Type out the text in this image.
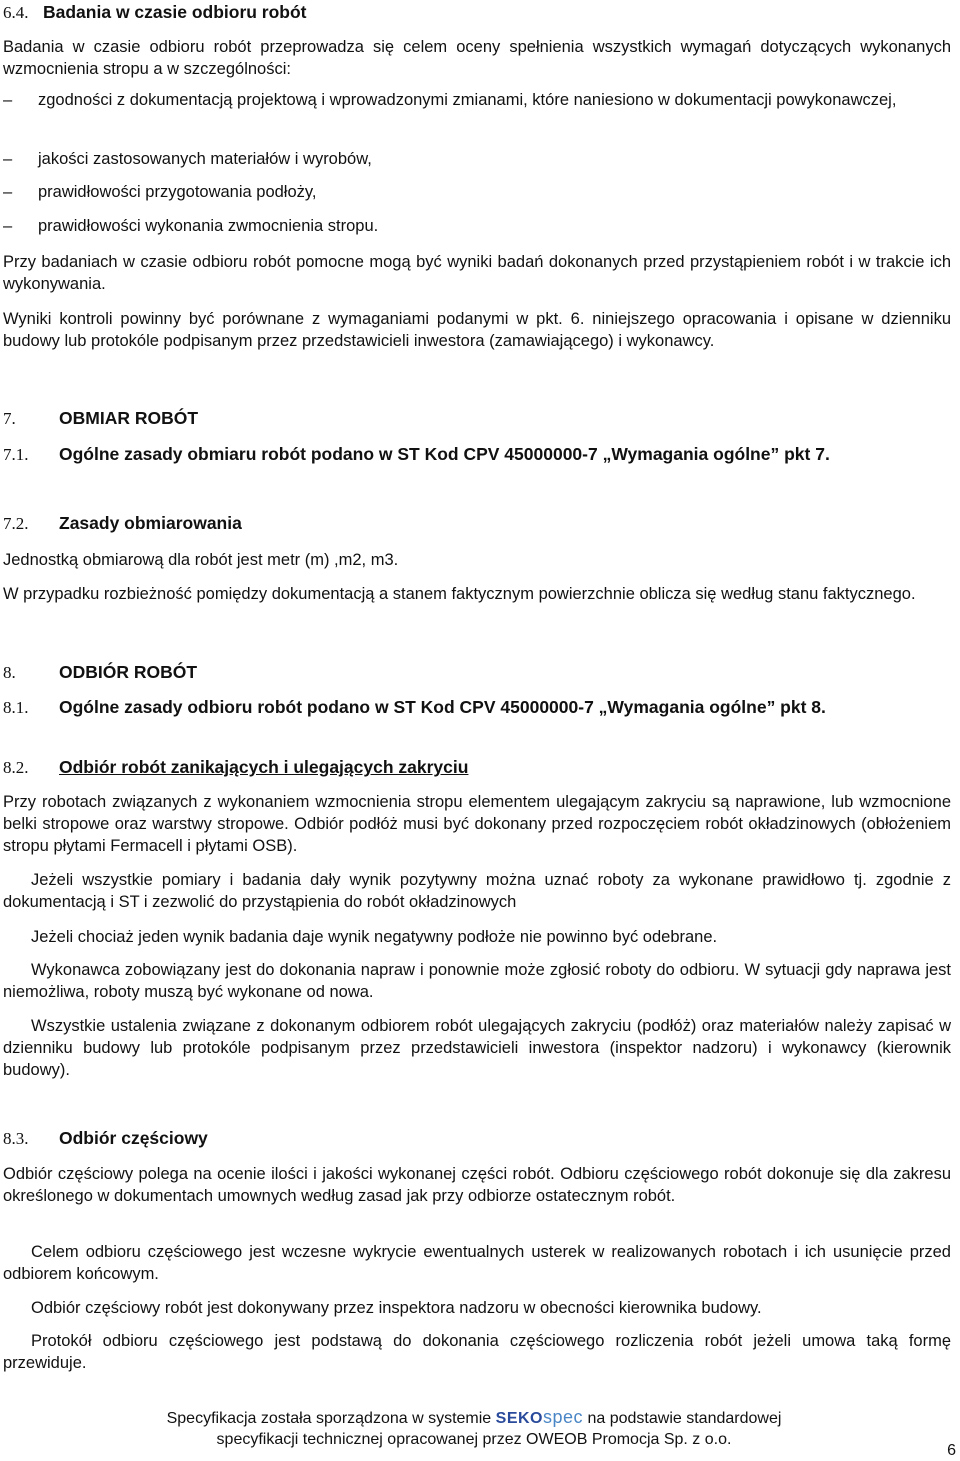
6.4. Badania w czasie odbioru robót

Badania w czasie odbioru robót przeprowadza się celem oceny spełnienia wszystkich wymagań dotyczących wykonanych wzmocnienia stropu a w szczególności:

– zgodności z dokumentacją projektową i wprowadzonymi zmianami, które naniesiono w dokumentacji powykonawczej,
– jakości zastosowanych materiałów i wyrobów,
– prawidłowości przygotowania podłoży,
– prawidłowości wykonania zwmocnienia stropu.

Przy badaniach w czasie odbioru robót pomocne mogą być wyniki badań dokonanych przed przystąpieniem robót i w trakcie ich wykonywania.

Wyniki kontroli powinny być porównane z wymaganiami podanymi w pkt. 6. niniejszego opracowania i opisane w dzienniku budowy lub protokóle podpisanym przez przedstawicieli inwestora (zamawiającego) i wykonawcy.

7. OBMIAR ROBÓT
7.1. Ogólne zasady obmiaru robót podano w ST Kod CPV 45000000-7 „Wymagania ogólne” pkt 7.
7.2. Zasady obmiarowania

Jednostką obmiarową dla robót jest metr (m) ,m2, m3.

W przypadku rozbieżność pomiędzy dokumentacją a stanem faktycznym powierzchnie oblicza się według stanu faktycznego.

8. ODBIÓR ROBÓT
8.1. Ogólne zasady odbioru robót podano w ST Kod CPV 45000000-7 „Wymagania ogólne” pkt 8.
8.2. Odbiór robót zanikających i ulegających zakryciu

Przy robotach związanych z wykonaniem wzmocnienia stropu elementem ulegającym zakryciu są naprawione, lub wzmocnione belki stropowe oraz warstwy stropowe. Odbiór podłóż musi być dokonany przed rozpoczęciem robót okładzinowych (obłożeniem stropu płytami Fermacell i płytami OSB).

Jeżeli wszystkie pomiary i badania dały wynik pozytywny można uznać roboty za wykonane prawidłowo tj. zgodnie z dokumentacją i ST i zezwolić do przystąpienia do robót okładzinowych

Jeżeli chociaż jeden wynik badania daje wynik negatywny podłoże nie powinno być odebrane.

Wykonawca zobowiązany jest do dokonania napraw i ponownie może zgłosić roboty do odbioru. W sytuacji gdy naprawa jest niemożliwa, roboty muszą być wykonane od nowa.

Wszystkie ustalenia związane z dokonanym odbiorem robót ulegających zakryciu (podłóż) oraz materiałów należy zapisać w dzienniku budowy lub protokóle podpisanym przez przedstawicieli inwestora (inspektor nadzoru) i wykonawcy (kierownik budowy).

8.3. Odbiór częściowy

Odbiór częściowy polega na ocenie ilości i jakości wykonanej części robót. Odbioru częściowego robót dokonuje się dla zakresu określonego w dokumentach umownych według zasad jak przy odbiorze ostatecznym robót.

Celem odbioru częściowego jest wczesne wykrycie ewentualnych usterek w realizowanych robotach i ich usunięcie przed odbiorem końcowym.

Odbiór częściowy robót jest dokonywany przez inspektora nadzoru w obecności kierownika budowy.

Protokół odbioru częściowego jest podstawą do dokonania częściowego rozliczenia robót jeżeli umowa taką formę przewiduje.

Specyfikacja została sporządzona w systemie SEKOspec na podstawie standardowej
specyfikacji technicznej opracowanej przez OWEOB Promocja Sp. z o.o.
6
